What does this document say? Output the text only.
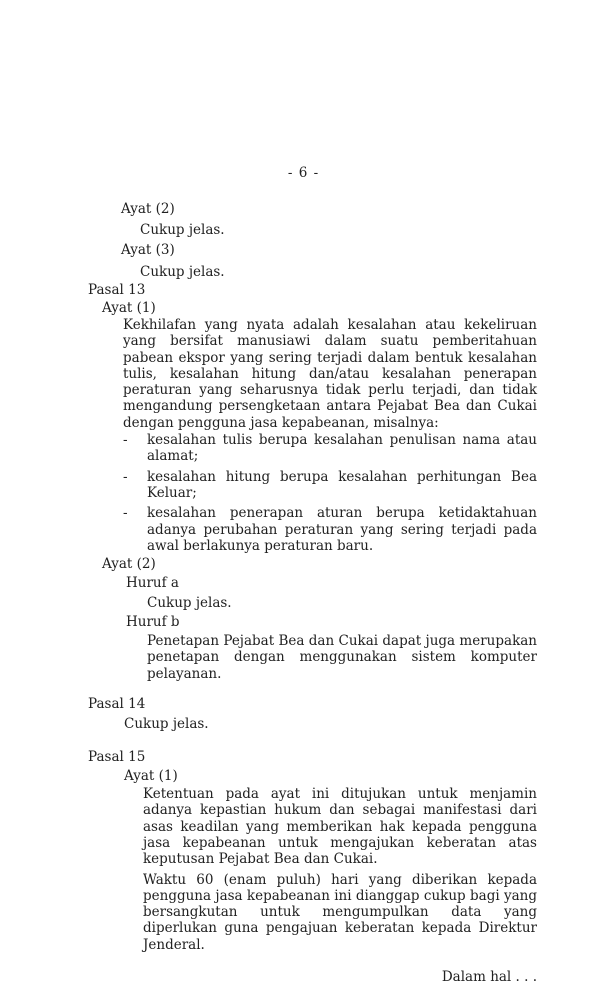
- 6 -
Ayat (2)
Cukup jelas.
Ayat (3)
Cukup jelas.
Pasal 13
Ayat (1)
Kekhilafan yang nyata adalah kesalahan atau kekeliruan yang bersifat manusiawi dalam suatu pemberitahuan pabean ekspor yang sering terjadi dalam bentuk kesalahan tulis, kesalahan hitung dan/atau kesalahan penerapan peraturan yang seharusnya tidak perlu terjadi, dan tidak mengandung persengketaan antara Pejabat Bea dan Cukai dengan pengguna jasa kepabeanan, misalnya:
- kesalahan tulis berupa kesalahan penulisan nama atau alamat;
- kesalahan hitung berupa kesalahan perhitungan Bea Keluar;
- kesalahan penerapan aturan berupa ketidaktahuan adanya perubahan peraturan yang sering terjadi pada awal berlakunya peraturan baru.
Ayat (2)
Huruf a
Cukup jelas.
Huruf b
Penetapan Pejabat Bea dan Cukai dapat juga merupakan penetapan dengan menggunakan sistem komputer pelayanan.
Pasal 14
Cukup jelas.
Pasal 15
Ayat (1)
Ketentuan pada ayat ini ditujukan untuk menjamin adanya kepastian hukum dan sebagai manifestasi dari asas keadilan yang memberikan hak kepada pengguna jasa kepabeanan untuk mengajukan keberatan atas keputusan Pejabat Bea dan Cukai.
Waktu 60 (enam puluh) hari yang diberikan kepada pengguna jasa kepabeanan ini dianggap cukup bagi yang bersangkutan untuk mengumpulkan data yang diperlukan guna pengajuan keberatan kepada Direktur Jenderal.
Dalam hal . . .
